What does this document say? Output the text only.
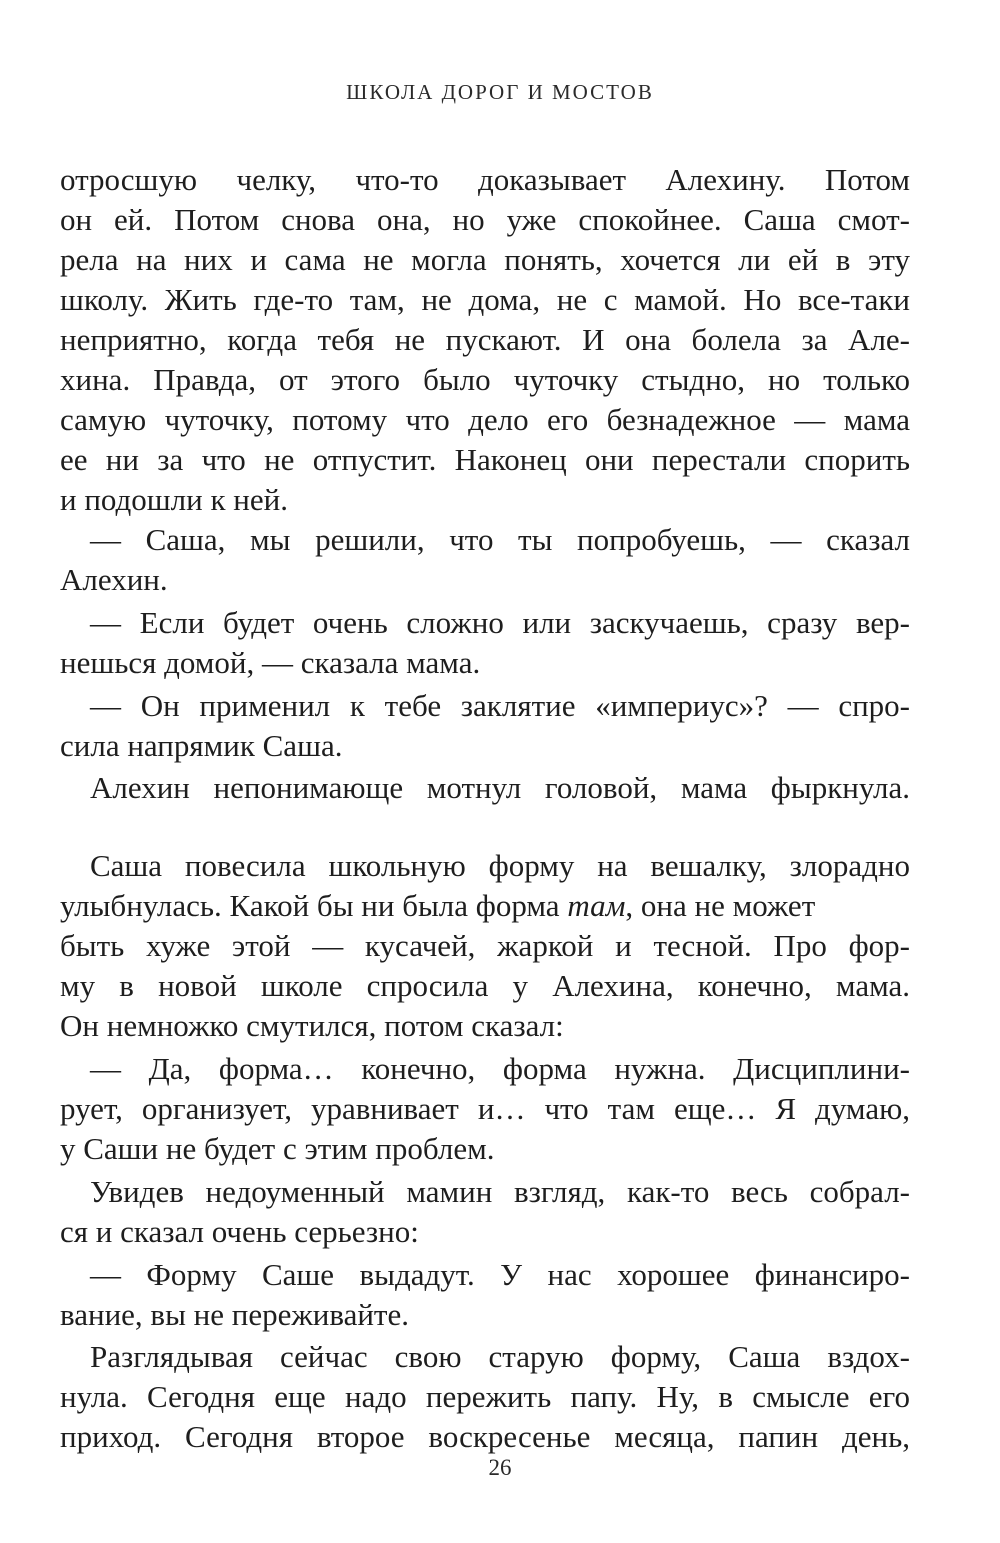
ШКОЛА ДОРОГ И МОСТОВ
отросшую челку, что-то доказывает Алехину. Потом
он ей. Потом снова она, но уже спокойнее. Саша смот-
рела на них и сама не могла понять, хочется ли ей в эту
школу. Жить где-то там, не дома, не с мамой. Но все-таки
неприятно, когда тебя не пускают. И она болела за Але-
хина. Правда, от этого было чуточку стыдно, но только
самую чуточку, потому что дело его безнадежное — мама
ее ни за что не отпустит. Наконец они перестали спорить
и подошли к ней.
— Саша, мы решили, что ты попробуешь, — сказал
Алехин.
— Если будет очень сложно или заскучаешь, сразу вер-
нешься домой, — сказала мама.
— Он применил к тебе заклятие «империус»? — спро-
сила напрямик Саша.
Алехин непонимающе мотнул головой, мама фыркнула.
Саша повесила школьную форму на вешалку, злорадно
улыбнулась. Какой бы ни была форма там, она не может
быть хуже этой — кусачей, жаркой и тесной. Про фор-
му в новой школе спросила у Алехина, конечно, мама.
Он немножко смутился, потом сказал:
— Да, форма… конечно, форма нужна. Дисциплини-
рует, организует, уравнивает и… что там еще… Я думаю,
у Саши не будет с этим проблем.
Увидев недоуменный мамин взгляд, как-то весь собрал-
ся и сказал очень серьезно:
— Форму Саше выдадут. У нас хорошее финансиро-
вание, вы не переживайте.
Разглядывая сейчас свою старую форму, Саша вздох-
нула. Сегодня еще надо пережить папу. Ну, в смысле его
приход. Сегодня второе воскресенье месяца, папин день,
26
